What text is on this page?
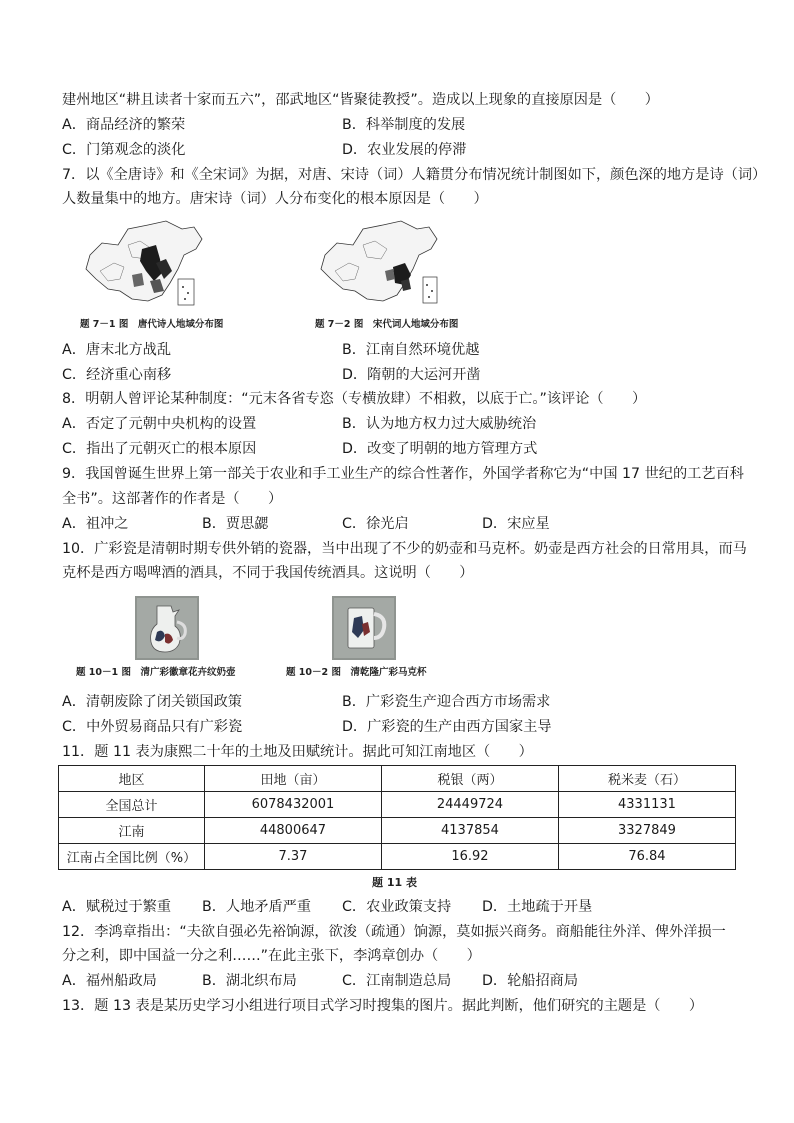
建州地区“耕且读者十家而五六”，邵武地区“皆聚徒教授”。造成以上现象的直接原因是（　　）
A．商品经济的繁荣	B．科举制度的发展
C．门第观念的淡化	D．农业发展的停滞
7．以《全唐诗》和《全宋词》为据，对唐、宋诗（词）人籍贯分布情况统计制图如下，颜色深的地方是诗（词）
人数量集中的地方。唐宋诗（词）人分布变化的根本原因是（　　）
题 7－1 图　唐代诗人地域分布图	题 7－2 图　宋代词人地域分布图
A．唐末北方战乱	B．江南自然环境优越
C．经济重心南移	D．隋朝的大运河开凿
8．明朝人曾评论某种制度：“元末各省专恣（专横放肆）不相救，以底于亡。”该评论（　　）
A．否定了元朝中央机构的设置	B．认为地方权力过大威胁统治
C．指出了元朝灭亡的根本原因	D．改变了明朝的地方管理方式
9．我国曾诞生世界上第一部关于农业和手工业生产的综合性著作，外国学者称它为“中国 17 世纪的工艺百科
全书”。这部著作的作者是（　　）
A．祖冲之	B．贾思勰	C．徐光启	D．宋应星
10．广彩瓷是清朝时期专供外销的瓷器，当中出现了不少的奶壶和马克杯。奶壶是西方社会的日常用具，而马
克杯是西方喝啤酒的酒具，不同于我国传统酒具。这说明（　　）
题 10－1 图　清广彩徽章花卉纹奶壶	题 10－2 图　清乾隆广彩马克杯
A．清朝废除了闭关锁国政策	B．广彩瓷生产迎合西方市场需求
C．中外贸易商品只有广彩瓷	D．广彩瓷的生产由西方国家主导
11．题 11 表为康熙二十年的土地及田赋统计。据此可知江南地区（　　）
地区	田地（亩）	税银（两）	税米麦（石）
全国总计	6078432001	24449724	4331131
江南	44800647	4137854	3327849
江南占全国比例（%）	7.37	16.92	76.84
题 11 表
A．赋税过于繁重 B．人地矛盾严重 C．农业政策支持 D．土地疏于开垦
12．李鸿章指出：“夫欲自强必先裕饷源，欲浚（疏通）饷源，莫如振兴商务。商船能往外洋、俾外洋损一
分之利，即中国益一分之利……”在此主张下，李鸿章创办（　　）
A．福州船政局	B．湖北织布局	C．江南制造总局 D．轮船招商局
13．题 13 表是某历史学习小组进行项目式学习时搜集的图片。据此判断，他们研究的主题是（　　）
